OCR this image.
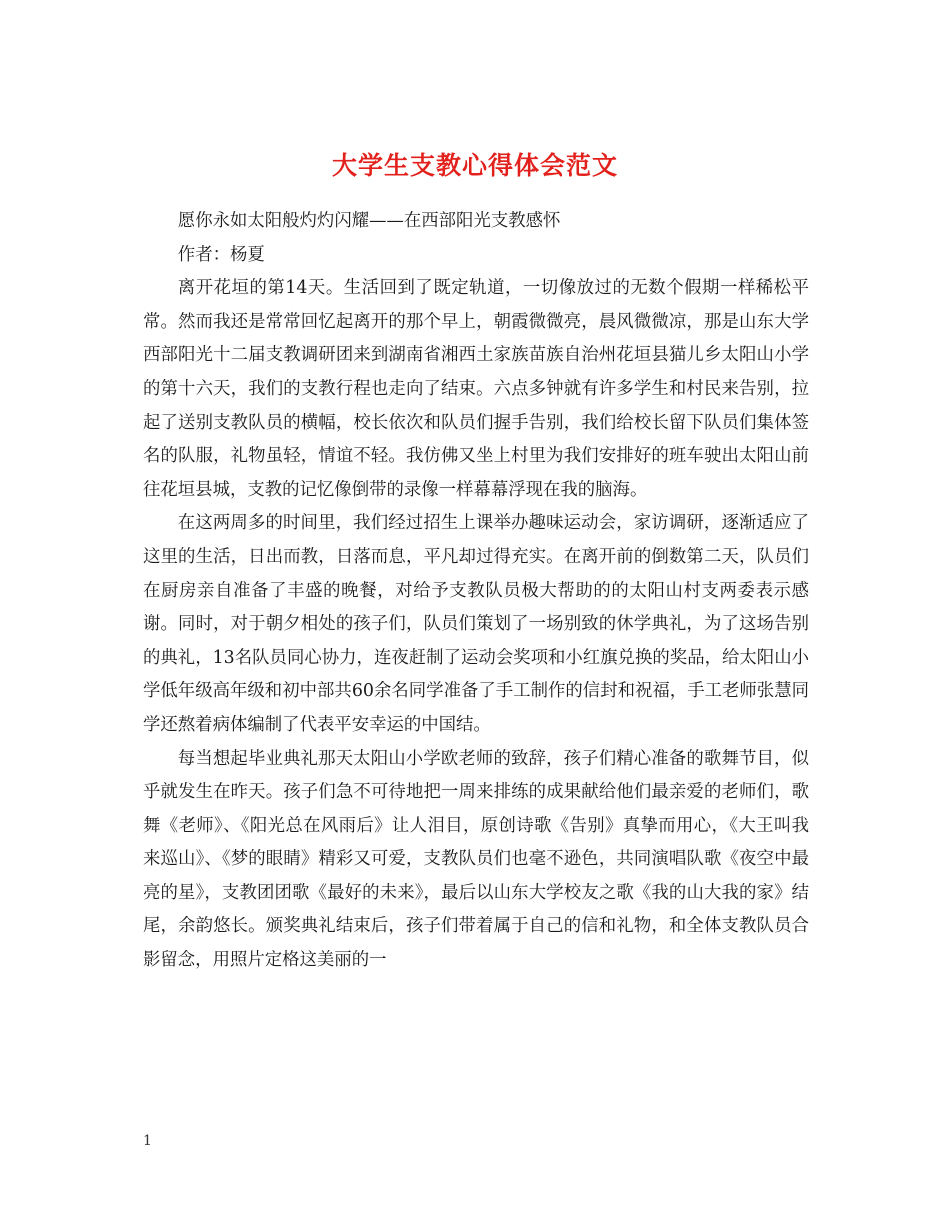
大学生支教心得体会范文

愿你永如太阳般灼灼闪耀——在西部阳光支教感怀

作者：杨夏

离开花垣的第14天。生活回到了既定轨道，一切像放过的无数个假期一样稀松平常。然而我还是常常回忆起离开的那个早上，朝霞微微亮，晨风微微凉，那是山东大学西部阳光十二届支教调研团来到湖南省湘西土家族苗族自治州花垣县猫儿乡太阳山小学的第十六天，我们的支教行程也走向了结束。六点多钟就有许多学生和村民来告别，拉起了送别支教队员的横幅，校长依次和队员们握手告别，我们给校长留下队员们集体签名的队服，礼物虽轻，情谊不轻。我仿佛又坐上村里为我们安排好的班车驶出太阳山前往花垣县城，支教的记忆像倒带的录像一样幕幕浮现在我的脑海。

在这两周多的时间里，我们经过招生上课举办趣味运动会，家访调研，逐渐适应了这里的生活，日出而教，日落而息，平凡却过得充实。在离开前的倒数第二天，队员们在厨房亲自准备了丰盛的晚餐，对给予支教队员极大帮助的的太阳山村支两委表示感谢。同时，对于朝夕相处的孩子们，队员们策划了一场别致的休学典礼，为了这场告别的典礼，13名队员同心协力，连夜赶制了运动会奖项和小红旗兑换的奖品，给太阳山小学低年级高年级和初中部共60余名同学准备了手工制作的信封和祝福，手工老师张慧同学还熬着病体编制了代表平安幸运的中国结。

每当想起毕业典礼那天太阳山小学欧老师的致辞，孩子们精心准备的歌舞节目，似乎就发生在昨天。孩子们急不可待地把一周来排练的成果献给他们最亲爱的老师们，歌舞《老师》、《阳光总在风雨后》让人泪目，原创诗歌《告别》真挚而用心，《大王叫我来巡山》、《梦的眼睛》精彩又可爱，支教队员们也毫不逊色，共同演唱队歌《夜空中最亮的星》，支教团团歌《最好的未来》，最后以山东大学校友之歌《我的山大我的家》结尾，余韵悠长。颁奖典礼结束后，孩子们带着属于自己的信和礼物，和全体支教队员合影留念，用照片定格这美丽的一

1
